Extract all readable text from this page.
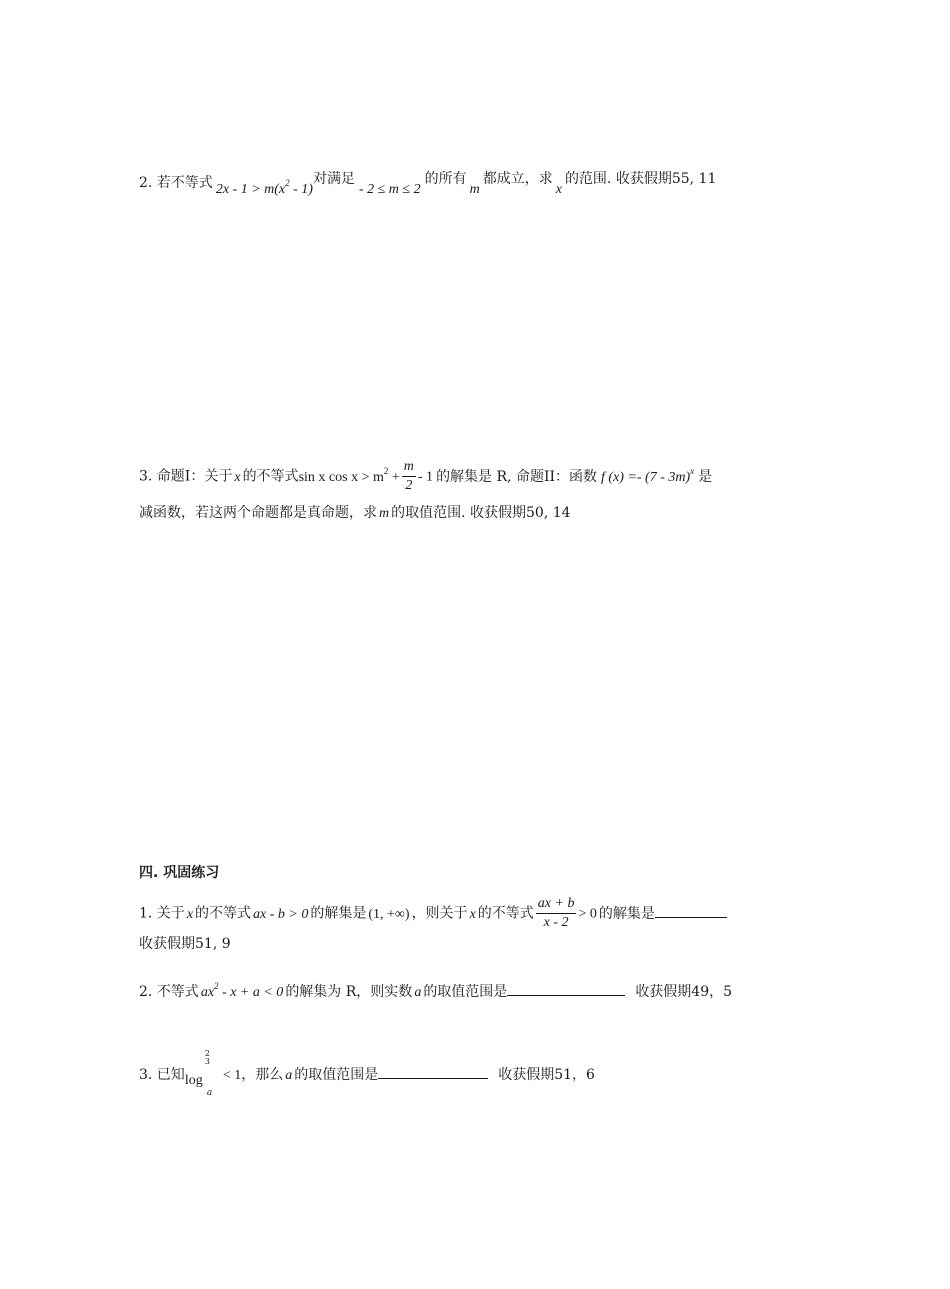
2. 若不等式 $2x - 1 > m(x^2 - 1)$对满足- 2 ≤ m ≤ 2的所有m都成立，求x的范围. 收获假期55, 11
3. 命题I：关于 x 的不等式sin x $\cos x > m^2 + \frac{m}{2} - 1$ 的解集是 R, 命题II：函数 f (x) =- (7 - 3m)$^x$ 是
减函数，若这两个命题都是真命题，求 m 的取值范围. 收获假期50, 14
四. 巩固练习
1. 关于 x 的不等式 ax - b > 0 的解集是 (1, +∞) ，则关于 x 的不等式 $\frac{ax + b}{x - 2} > 0$ 的解集是
收获假期51, 9
2. 不等式 $ax^2 - x + a < 0$ 的解集为 R，则实数 a 的取值范围是	收获假期49，5
3. 已知 log
2
3
a
< 1，那么 a 的取值范围是	收获假期51，6
